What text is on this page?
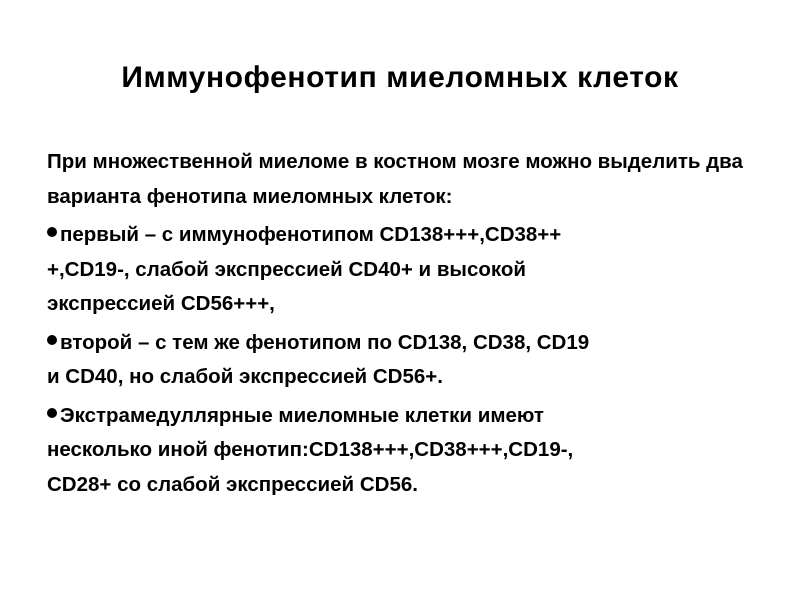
Иммунофенотип миеломных клеток

При множественной миеломе в костном мозге можно выделить два варианта фенотипа миеломных клеток:

первый – с иммунофенотипом CD138+++,CD38++
+,CD19-, слабой экспрессией CD40+ и высокой
экспрессией CD56+++,
второй – с тем же фенотипом по CD138, CD38, CD19
и CD40, но слабой экспрессией CD56+.
Экстрамедуллярные миеломные клетки имеют
несколько иной фенотип:CD138+++,CD38+++,CD19-,
CD28+ со слабой экспрессией CD56.
